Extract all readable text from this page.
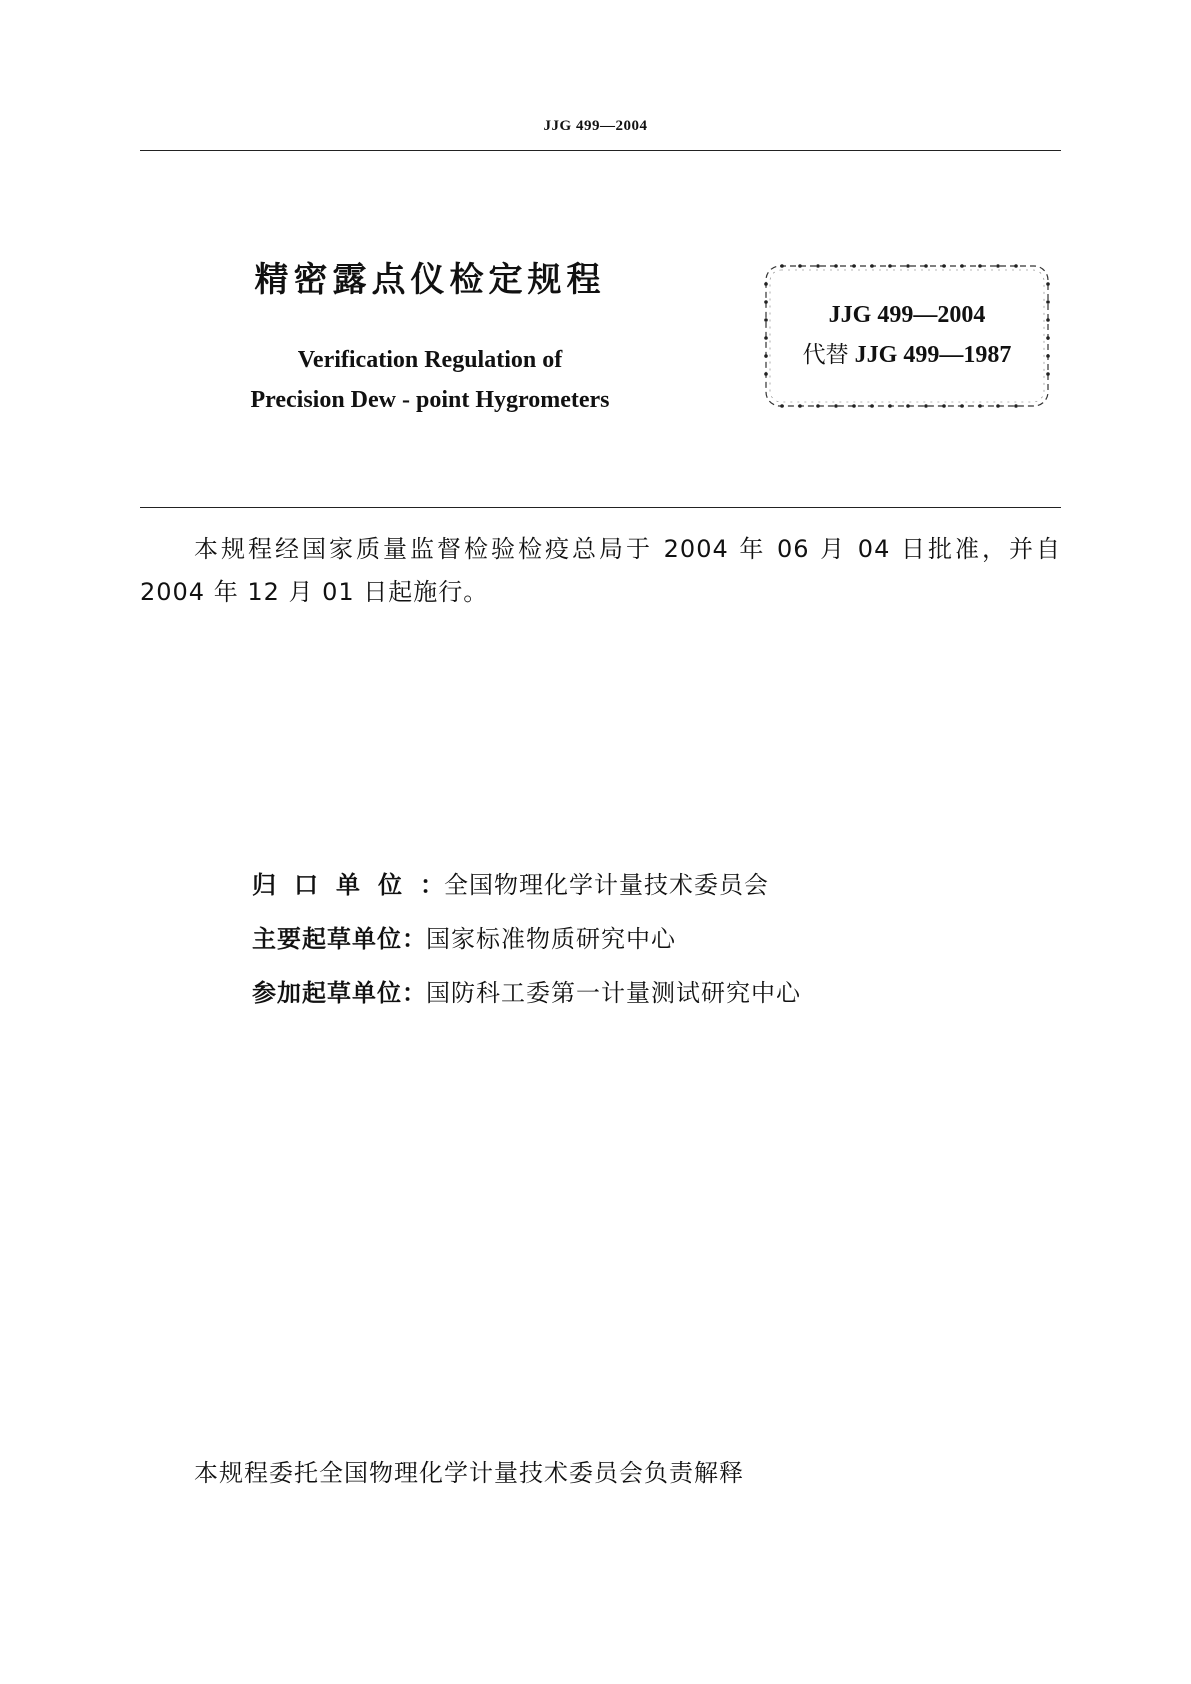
JJG 499—2004
精密露点仪检定规程
Verification Regulation of
Precision Dew - point Hygrometers
JJG 499—2004
代替 JJG 499—1987
本规程经国家质量监督检验检疫总局于 2004 年 06 月 04 日批准，并自 2004 年 12 月 01 日起施行。
归口单位：全国物理化学计量技术委员会
主要起草单位：国家标准物质研究中心
参加起草单位：国防科工委第一计量测试研究中心
本规程委托全国物理化学计量技术委员会负责解释
